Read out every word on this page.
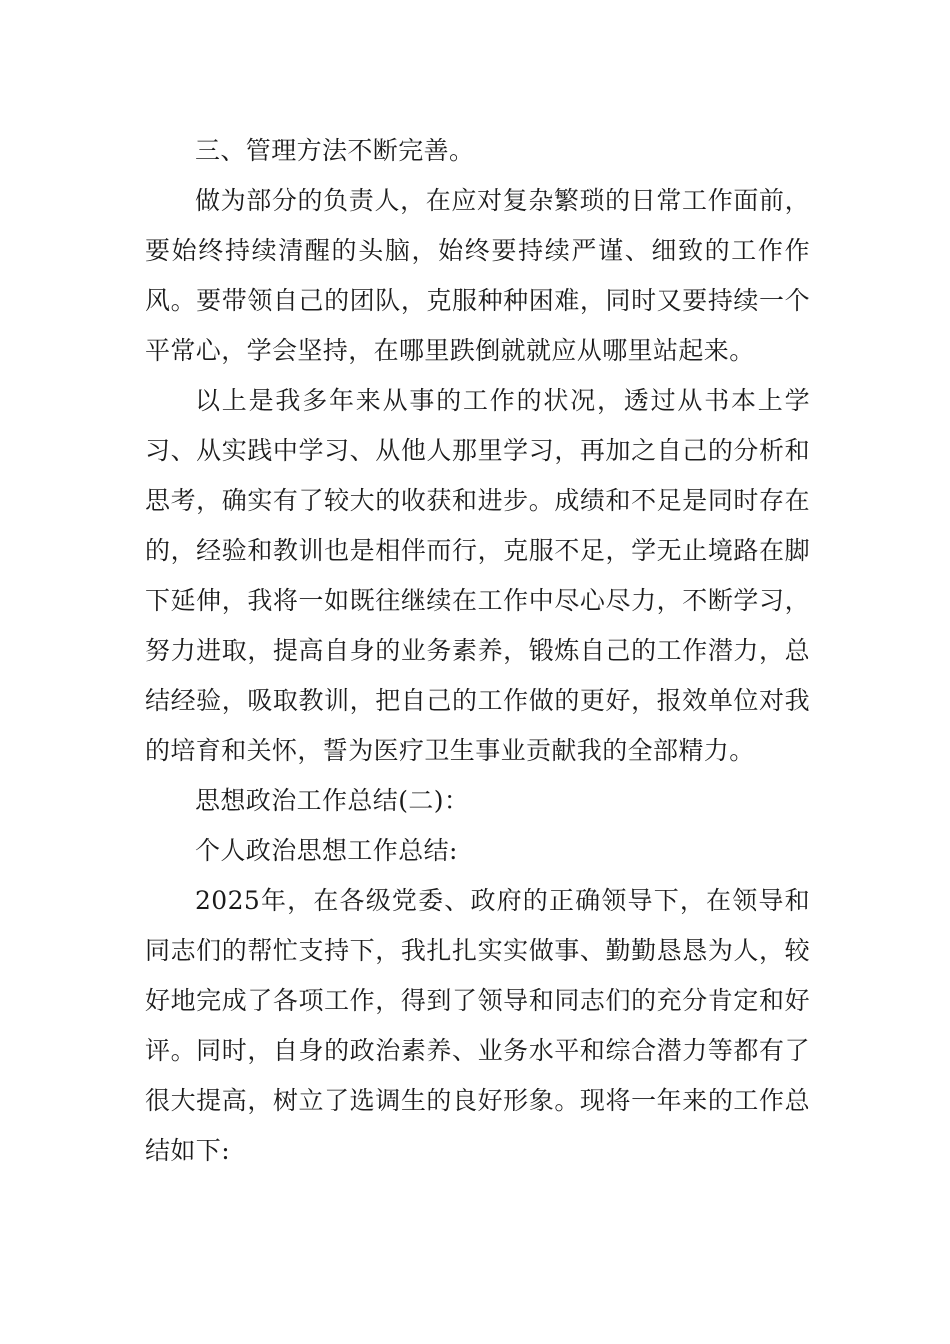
三、管理方法不断完善。

做为部分的负责人，在应对复杂繁琐的日常工作面前，要始终持续清醒的头脑，始终要持续严谨、细致的工作作风。要带领自己的团队，克服种种困难，同时又要持续一个平常心，学会坚持，在哪里跌倒就就应从哪里站起来。

以上是我多年来从事的工作的状况，透过从书本上学习、从实践中学习、从他人那里学习，再加之自己的分析和思考，确实有了较大的收获和进步。成绩和不足是同时存在的，经验和教训也是相伴而行，克服不足，学无止境路在脚下延伸，我将一如既往继续在工作中尽心尽力，不断学习，努力进取，提高自身的业务素养，锻炼自己的工作潜力，总结经验，吸取教训，把自己的工作做的更好，报效单位对我的培育和关怀，誓为医疗卫生事业贡献我的全部精力。

思想政治工作总结(二)：

个人政治思想工作总结:

2025年，在各级党委、政府的正确领导下，在领导和同志们的帮忙支持下，我扎扎实实做事、勤勤恳恳为人，较好地完成了各项工作，得到了领导和同志们的充分肯定和好评。同时，自身的政治素养、业务水平和综合潜力等都有了很大提高，树立了选调生的良好形象。现将一年来的工作总结如下:
